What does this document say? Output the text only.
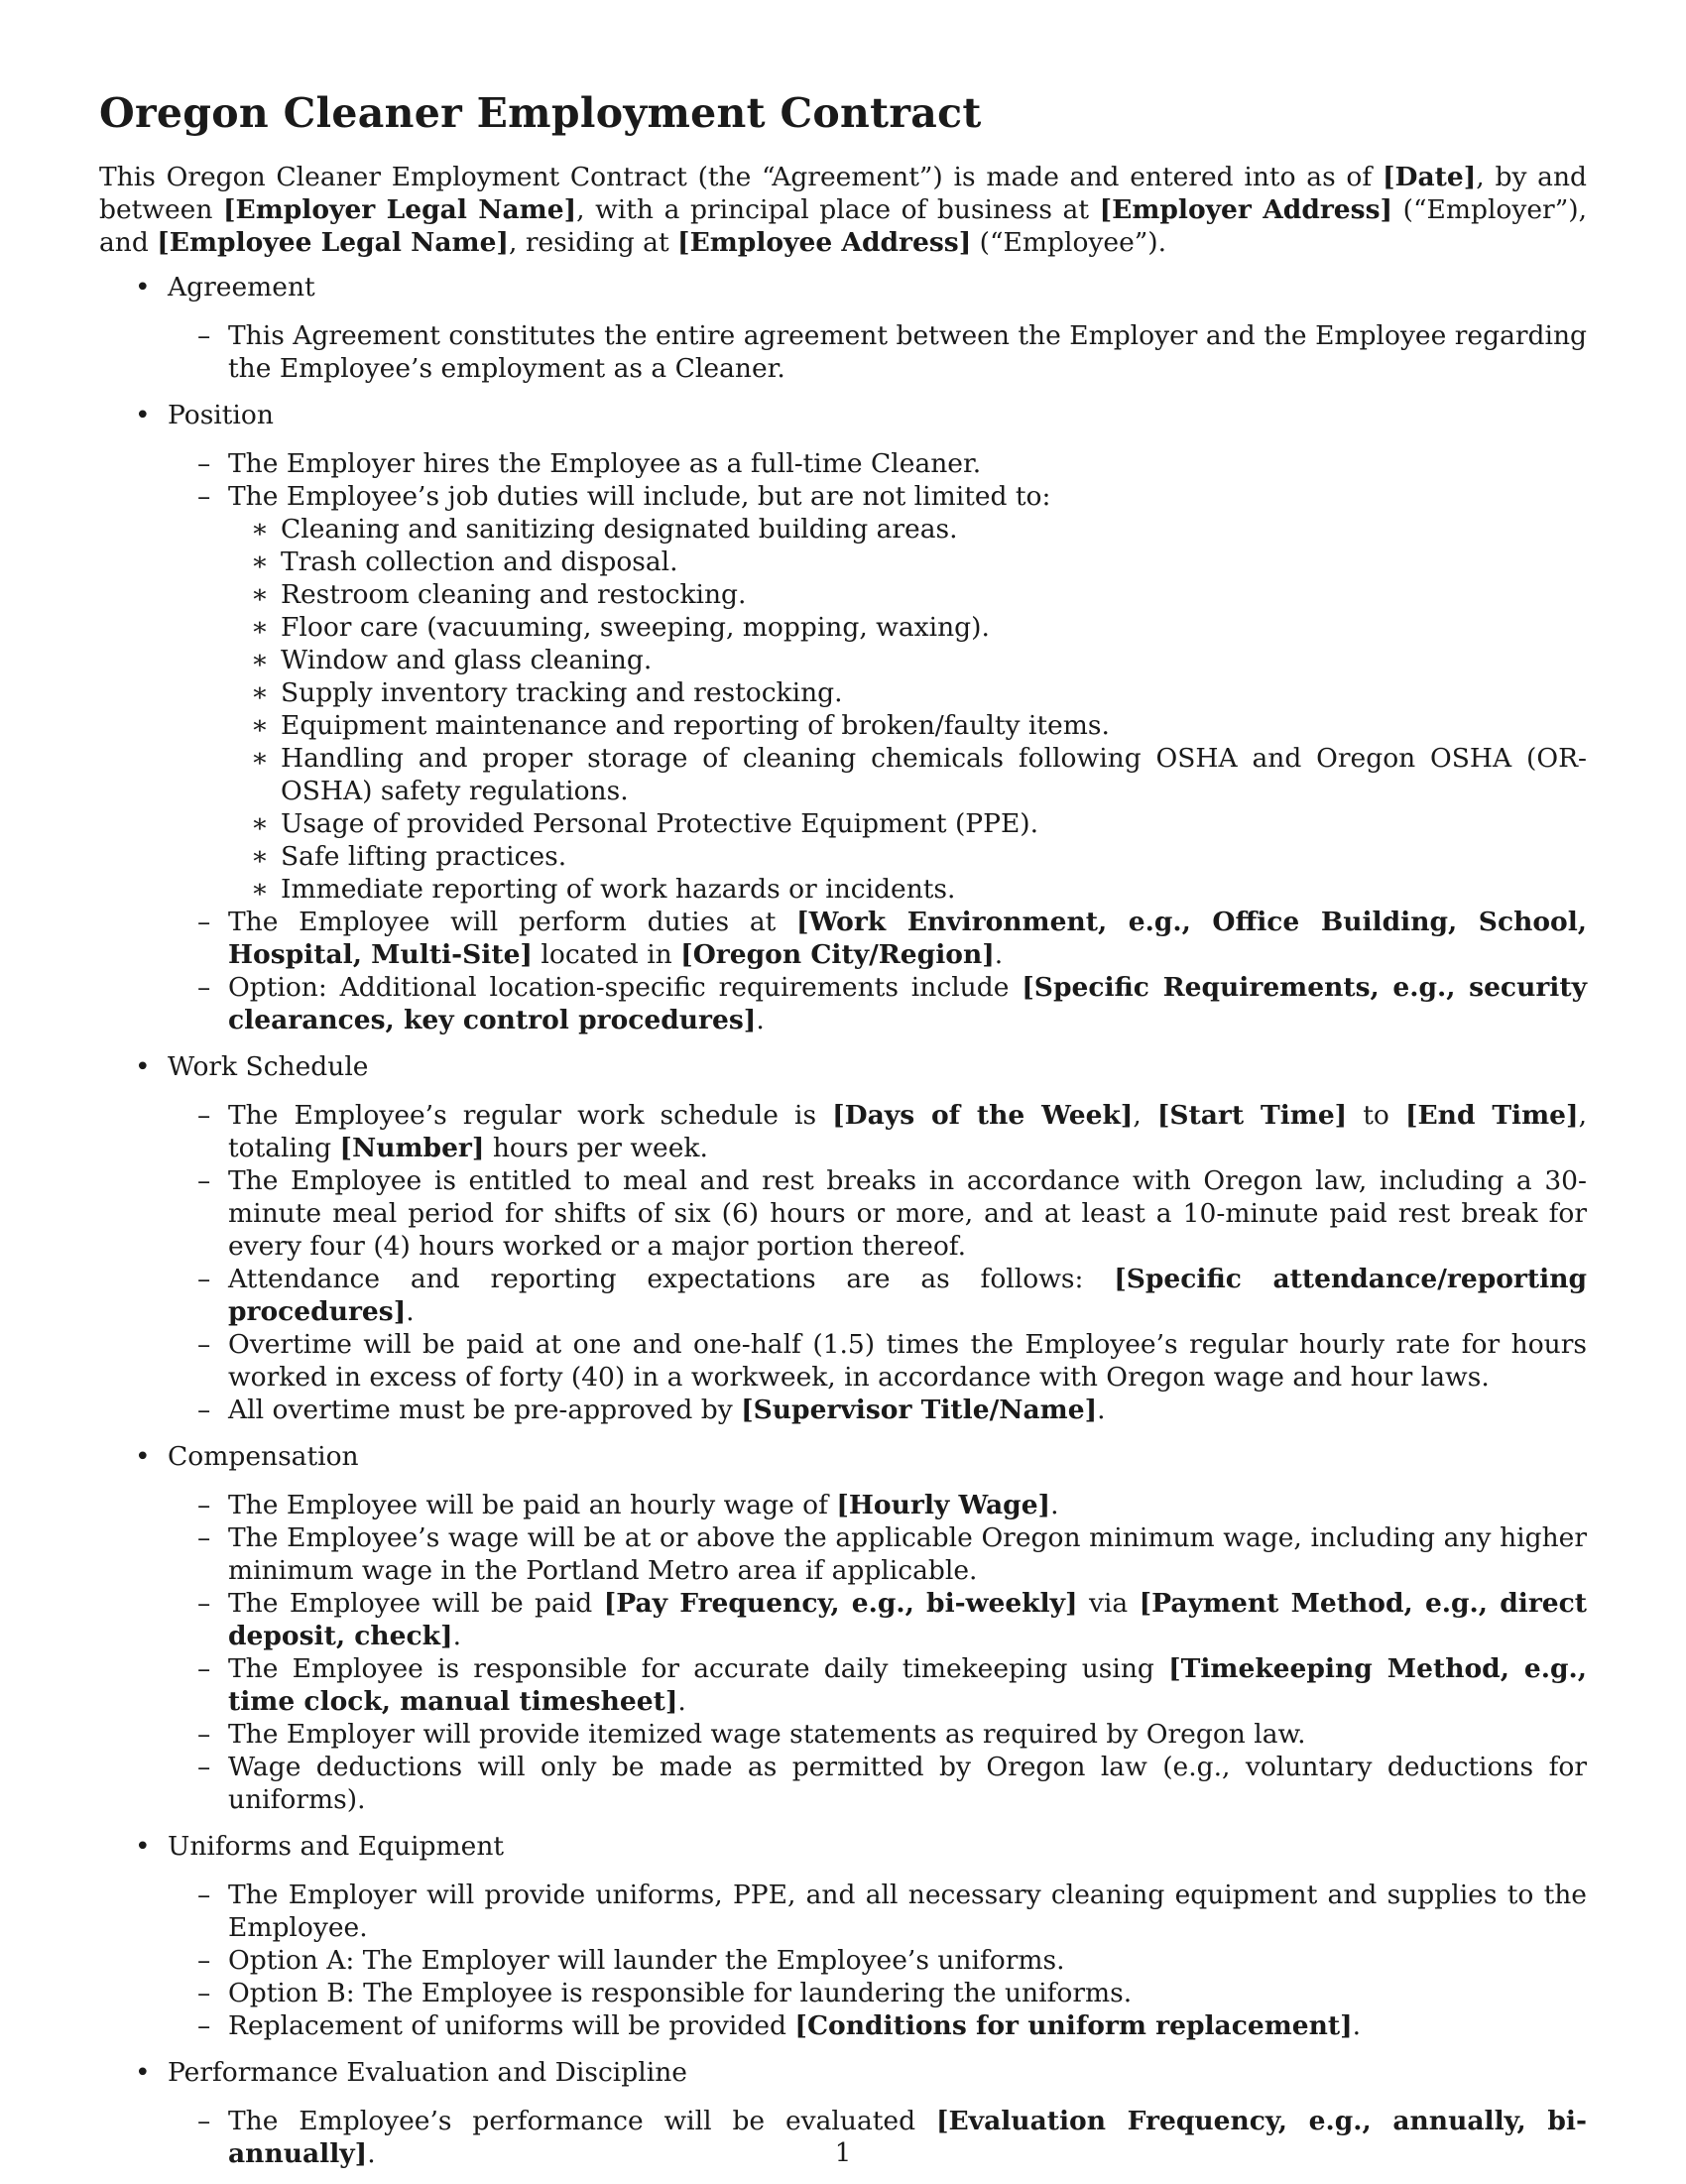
Oregon Cleaner Employment Contract

This Oregon Cleaner Employment Contract (the “Agreement”) is made and entered into as of [Date], by and between [Employer Legal Name], with a principal place of business at [Employer Address] (“Employer”), and [Employee Legal Name], residing at [Employee Address] (“Employee”).

• Agreement
– This Agreement constitutes the entire agreement between the Employer and the Employee regarding the Employee’s employment as a Cleaner.
• Position
– The Employer hires the Employee as a full-time Cleaner.
– The Employee’s job duties will include, but are not limited to:
∗ Cleaning and sanitizing designated building areas.
∗ Trash collection and disposal.
∗ Restroom cleaning and restocking.
∗ Floor care (vacuuming, sweeping, mopping, waxing).
∗ Window and glass cleaning.
∗ Supply inventory tracking and restocking.
∗ Equipment maintenance and reporting of broken/faulty items.
∗ Handling and proper storage of cleaning chemicals following OSHA and Oregon OSHA (OR-OSHA) safety regulations.
∗ Usage of provided Personal Protective Equipment (PPE).
∗ Safe lifting practices.
∗ Immediate reporting of work hazards or incidents.
– The Employee will perform duties at [Work Environment, e.g., Office Building, School, Hospital, Multi-Site] located in [Oregon City/Region].
– Option: Additional location-specific requirements include [Specific Requirements, e.g., security clearances, key control procedures].
• Work Schedule
– The Employee’s regular work schedule is [Days of the Week], [Start Time] to [End Time], totaling [Number] hours per week.
– The Employee is entitled to meal and rest breaks in accordance with Oregon law, including a 30-minute meal period for shifts of six (6) hours or more, and at least a 10-minute paid rest break for every four (4) hours worked or a major portion thereof.
– Attendance and reporting expectations are as follows: [Specific attendance/reporting procedures].
– Overtime will be paid at one and one-half (1.5) times the Employee’s regular hourly rate for hours worked in excess of forty (40) in a workweek, in accordance with Oregon wage and hour laws.
– All overtime must be pre-approved by [Supervisor Title/Name].
• Compensation
– The Employee will be paid an hourly wage of [Hourly Wage].
– The Employee’s wage will be at or above the applicable Oregon minimum wage, including any higher minimum wage in the Portland Metro area if applicable.
– The Employee will be paid [Pay Frequency, e.g., bi-weekly] via [Payment Method, e.g., direct deposit, check].
– The Employee is responsible for accurate daily timekeeping using [Timekeeping Method, e.g., time clock, manual timesheet].
– The Employer will provide itemized wage statements as required by Oregon law.
– Wage deductions will only be made as permitted by Oregon law (e.g., voluntary deductions for uniforms).
• Uniforms and Equipment
– The Employer will provide uniforms, PPE, and all necessary cleaning equipment and supplies to the Employee.
– Option A: The Employer will launder the Employee’s uniforms.
– Option B: The Employee is responsible for laundering the uniforms.
– Replacement of uniforms will be provided [Conditions for uniform replacement].
• Performance Evaluation and Discipline
– The Employee’s performance will be evaluated [Evaluation Frequency, e.g., annually, bi-annually].	1
